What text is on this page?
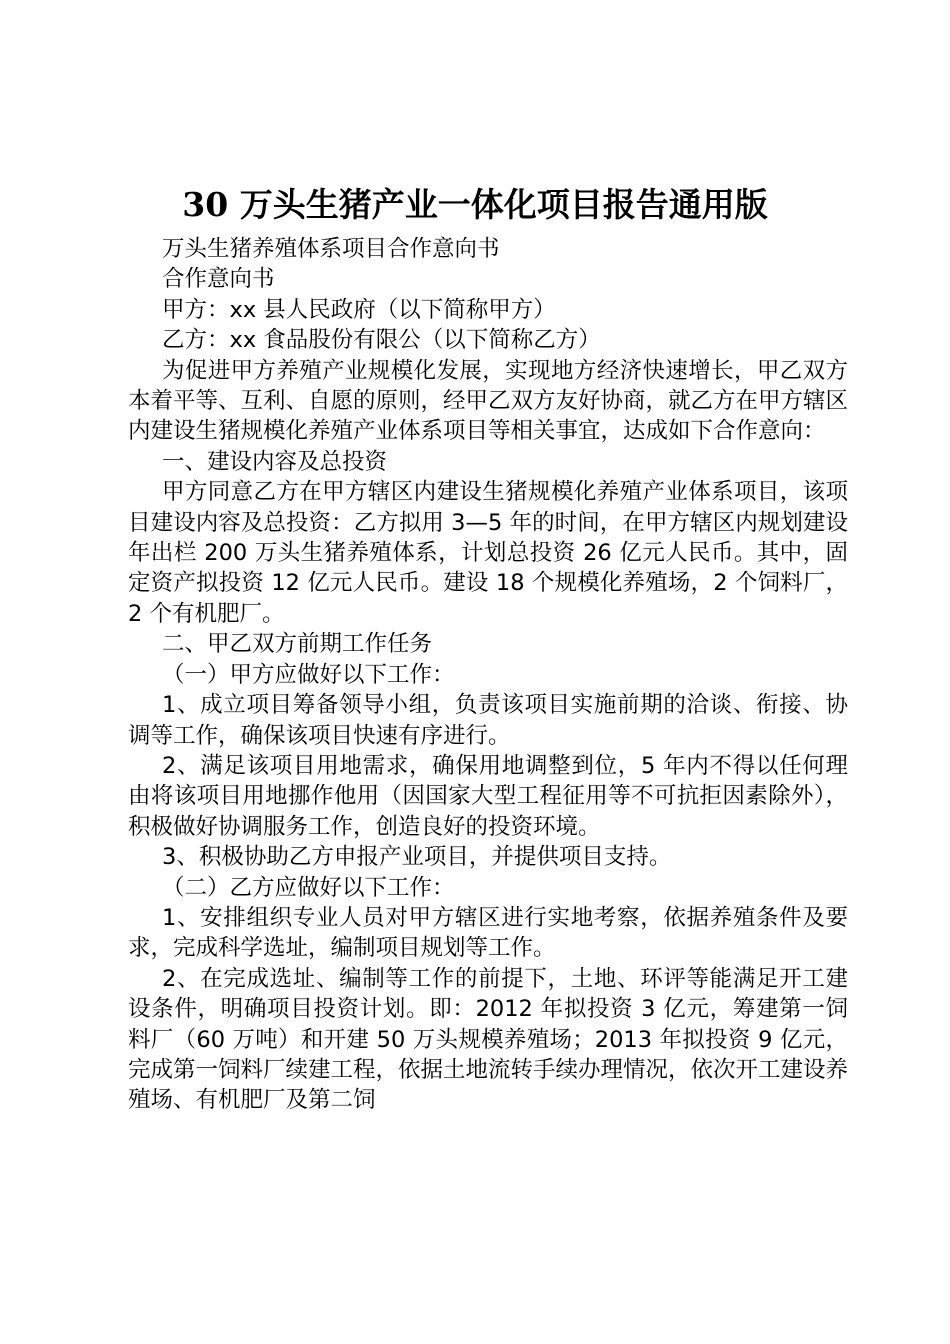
30 万头生猪产业一体化项目报告通用版

万头生猪养殖体系项目合作意向书

合作意向书

甲方：xx 县人民政府（以下简称甲方）

乙方：xx 食品股份有限公（以下简称乙方）

为促进甲方养殖产业规模化发展，实现地方经济快速增长，甲乙双方本着平等、互利、自愿的原则，经甲乙双方友好协商，就乙方在甲方辖区内建设生猪规模化养殖产业体系项目等相关事宜，达成如下合作意向：

一、建设内容及总投资

甲方同意乙方在甲方辖区内建设生猪规模化养殖产业体系项目，该项目建设内容及总投资：乙方拟用 3—5 年的时间，在甲方辖区内规划建设年出栏 200 万头生猪养殖体系，计划总投资 26 亿元人民币。其中，固定资产拟投资 12 亿元人民币。建设 18 个规模化养殖场，2 个饲料厂，2 个有机肥厂。

二、甲乙双方前期工作任务

（一）甲方应做好以下工作：

1、成立项目筹备领导小组，负责该项目实施前期的洽谈、衔接、协调等工作，确保该项目快速有序进行。

2、满足该项目用地需求，确保用地调整到位，5 年内不得以任何理由将该项目用地挪作他用（因国家大型工程征用等不可抗拒因素除外），积极做好协调服务工作，创造良好的投资环境。

3、积极协助乙方申报产业项目，并提供项目支持。

（二）乙方应做好以下工作：

1、安排组织专业人员对甲方辖区进行实地考察，依据养殖条件及要求，完成科学选址，编制项目规划等工作。

2、在完成选址、编制等工作的前提下，土地、环评等能满足开工建设条件，明确项目投资计划。即：2012 年拟投资 3 亿元，筹建第一饲料厂（60 万吨）和开建 50 万头规模养殖场；2013 年拟投资 9 亿元，完成第一饲料厂续建工程，依据土地流转手续办理情况，依次开工建设养殖场、有机肥厂及第二饲
